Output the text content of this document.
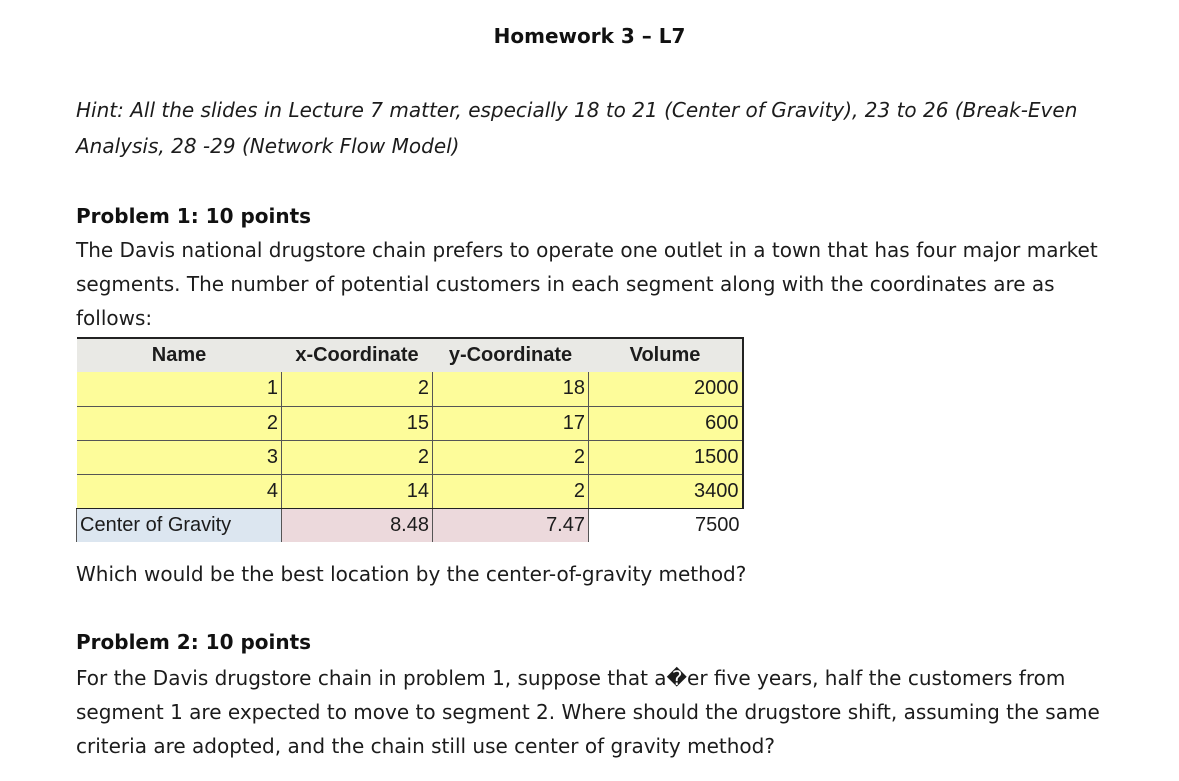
Homework 3 – L7
Hint: All the slides in Lecture 7 matter, especially 18 to 21 (Center of Gravity), 23 to 26 (Break-Even Analysis, 28 -29 (Network Flow Model)
Problem 1: 10 points
The Davis national drugstore chain prefers to operate one outlet in a town that has four major market segments. The number of potential customers in each segment along with the coordinates are as follows:
Name	x-Coordinate	y-Coordinate	Volume
1	2	18	2000
2	15	17	600
3	2	2	1500
4	14	2	3400
Center of Gravity	8.48	7.47	7500
Which would be the best location by the center-of-gravity method?
Problem 2: 10 points
For the Davis drugstore chain in problem 1, suppose that a�er five years, half the customers from segment 1 are expected to move to segment 2. Where should the drugstore shift, assuming the same criteria are adopted, and the chain still use center of gravity method?
